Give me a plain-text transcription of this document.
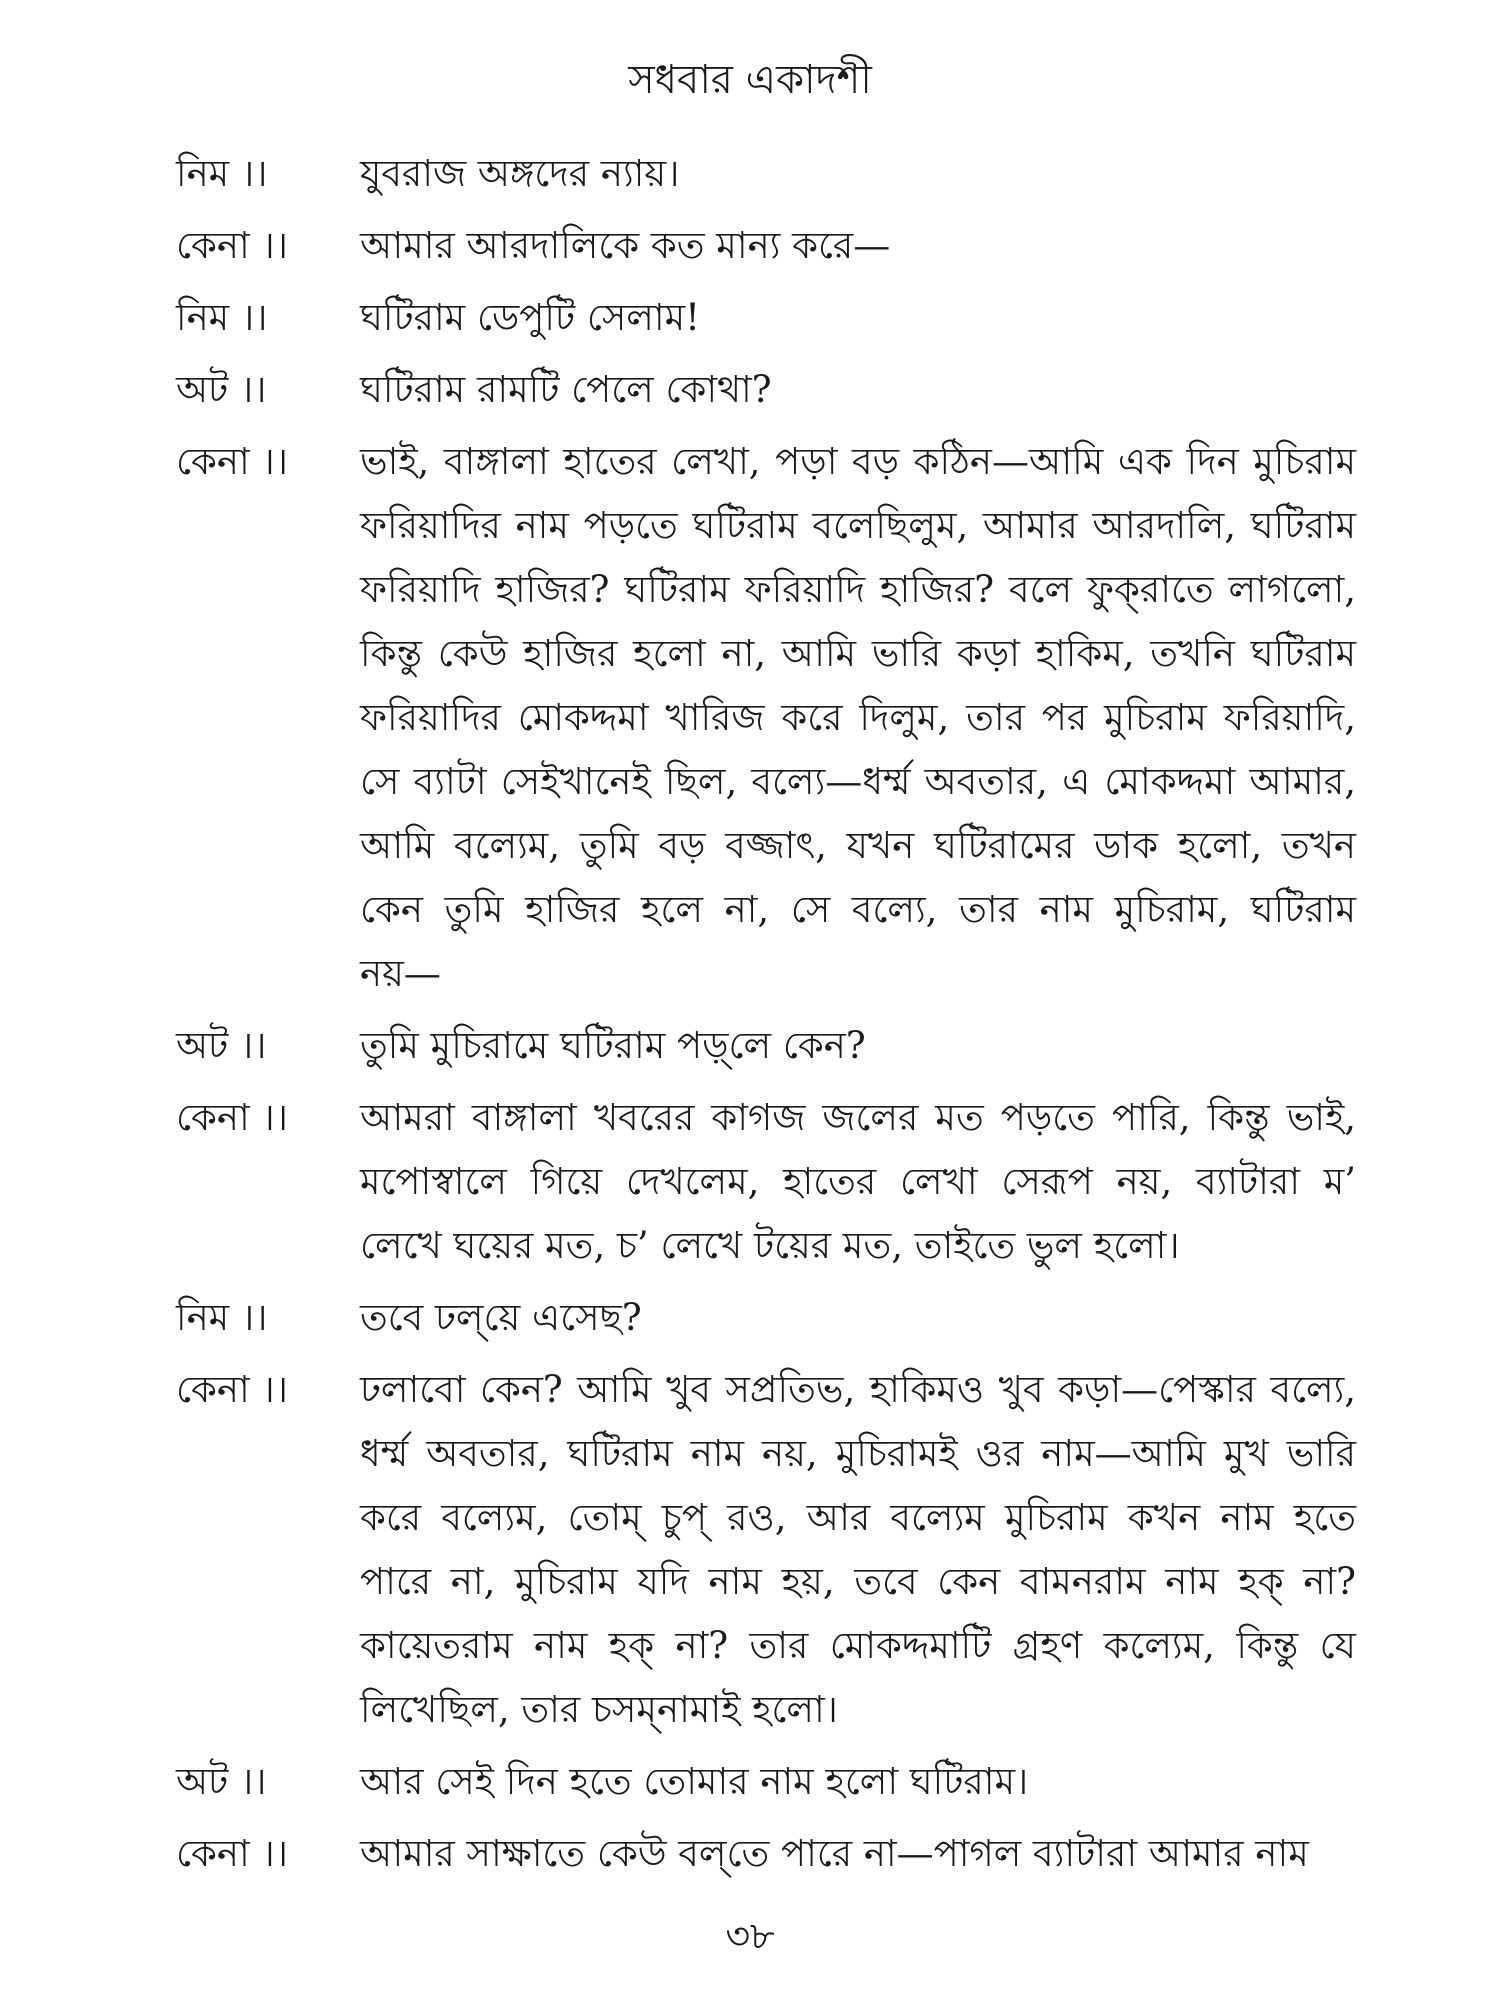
সধবার একাদশী
নিম ।।	যুবরাজ অঙ্গদের ন্যায়।
কেনা ।।	আমার আরদালিকে কত মান্য করে—
নিম ।।	ঘটিরাম ডেপুটি সেলাম!
অট ।।	ঘটিরাম রামটি পেলে কোথা?
কেনা ।।	ভাই, বাঙ্গালা হাতের লেখা, পড়া বড় কঠিন—আমি এক দিন মুচিরাম
ফরিয়াদির নাম পড়তে ঘটিরাম বলেছিলুম, আমার আরদালি, ঘটিরাম
ফরিয়াদি হাজির? ঘটিরাম ফরিয়াদি হাজির? বলে ফুক্‌রাতে লাগলো,
কিন্তু কেউ হাজির হলো না, আমি ভারি কড়া হাকিম, তখনি ঘটিরাম
ফরিয়াদির মোকদ্দমা খারিজ করে দিলুম, তার পর মুচিরাম ফরিয়াদি,
সে ব্যাটা সেইখানেই ছিল, বল্যে—ধর্ম্ম অবতার, এ মোকদ্দমা আমার,
আমি বল্যেম, তুমি বড় বজ্জাৎ, যখন ঘটিরামের ডাক হলো, তখন
কেন তুমি হাজির হলে না, সে বল্যে, তার নাম মুচিরাম, ঘটিরাম
নয়—
অট ।।	তুমি মুচিরামে ঘটিরাম পড়্‌লে কেন?
কেনা ।।	আমরা বাঙ্গালা খবরের কাগজ জলের মত পড়তে পারি, কিন্তু ভাই,
মপোস্বালে গিয়ে দেখলেম, হাতের লেখা সেরূপ নয়, ব্যাটারা ম’
লেখে ঘয়ের মত, চ’ লেখে টয়ের মত, তাইতে ভুল হলো।
নিম ।।	তবে ঢল্‌য়ে এসেছ?
কেনা ।।	ঢলাবো কেন? আমি খুব সপ্রতিভ, হাকিমও খুব কড়া—পেস্কার বল্যে,
ধর্ম্ম অবতার, ঘটিরাম নাম নয়, মুচিরামই ওর নাম—আমি মুখ ভারি
করে বল্যেম, তোম্ চুপ্ রও, আর বল্যেম মুচিরাম কখন নাম হতে
পারে না, মুচিরাম যদি নাম হয়, তবে কেন বামনরাম নাম হক্ না?
কায়েতরাম নাম হক্ না? তার মোকদ্দমাটি গ্রহণ কল্যেম, কিন্তু যে
লিখেছিল, তার চসম্‌নামাই হলো।
অট ।।	আর সেই দিন হতে তোমার নাম হলো ঘটিরাম।
কেনা ।।	আমার সাক্ষাতে কেউ বল্‌তে পারে না—পাগল ব্যাটারা আমার নাম
৩৮
